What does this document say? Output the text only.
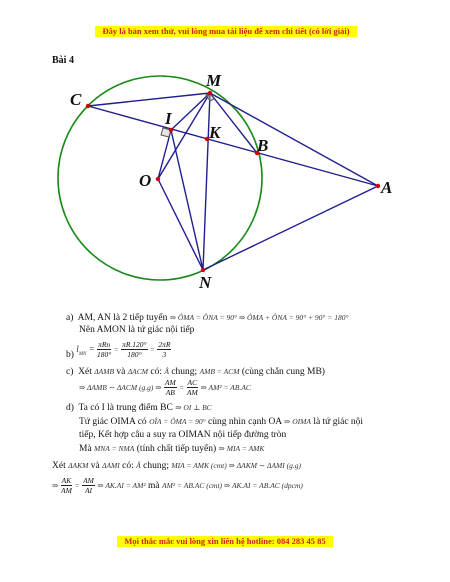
Đây là bản xem thử, vui lòng mua tài liệu để xem chi tiết (có lời giải)
Bài 4
M
C
I
K
B
O	A
N
a) AM, AN là 2 tiếp tuyến ⇒ ÔMA = ÔNA = 90° ⇒ ÔMA + ÔNA = 90° + 90° = 180°
Nên AMON là tứ giác nội tiếp
b) $l_{MN} = \frac{\text{πRn}}{180^\circ} = \frac{\pi R.120^\circ}{180^\circ} = \frac{2\pi R}{3}$
c) Xét ΔAMB và ΔACM có: Â chung; AMB = ACM (cùng chắn cung MB)
⇒ ΔAMB ∼ ΔACM (g.g) ⇒ $\frac{AM}{AB} = \frac{AC}{AM}$ ⇒ AM² = AB.AC
d) Ta có I là trung điểm BC ⇒ OI ⊥ BC
Tứ giác OIMA có OÎA = ÔMA = 90° cùng nhìn cạnh OA ⇒ OIMA là tứ giác nội
tiếp, Kết hợp câu a suy ra OIMAN nội tiếp đường tròn
Mà MNA = NMA (tính chất tiếp tuyến) ⇒ MIA = AMK
Xét ΔAKM và ΔAMI có: Â chung; MIA = AMK (cmt) ⇒ ΔAKM ∼ ΔAMI (g.g)
⇒ $\frac{AK}{AM} = \frac{AM}{AI}$ ⇒ AK.AI = AM² mà AM² = AB.AC (cmt) ⇒ AK.AI = AB.AC (dpcm)
Mọi thắc mắc vui lòng xin liên hệ hotline: 084 283 45 85
